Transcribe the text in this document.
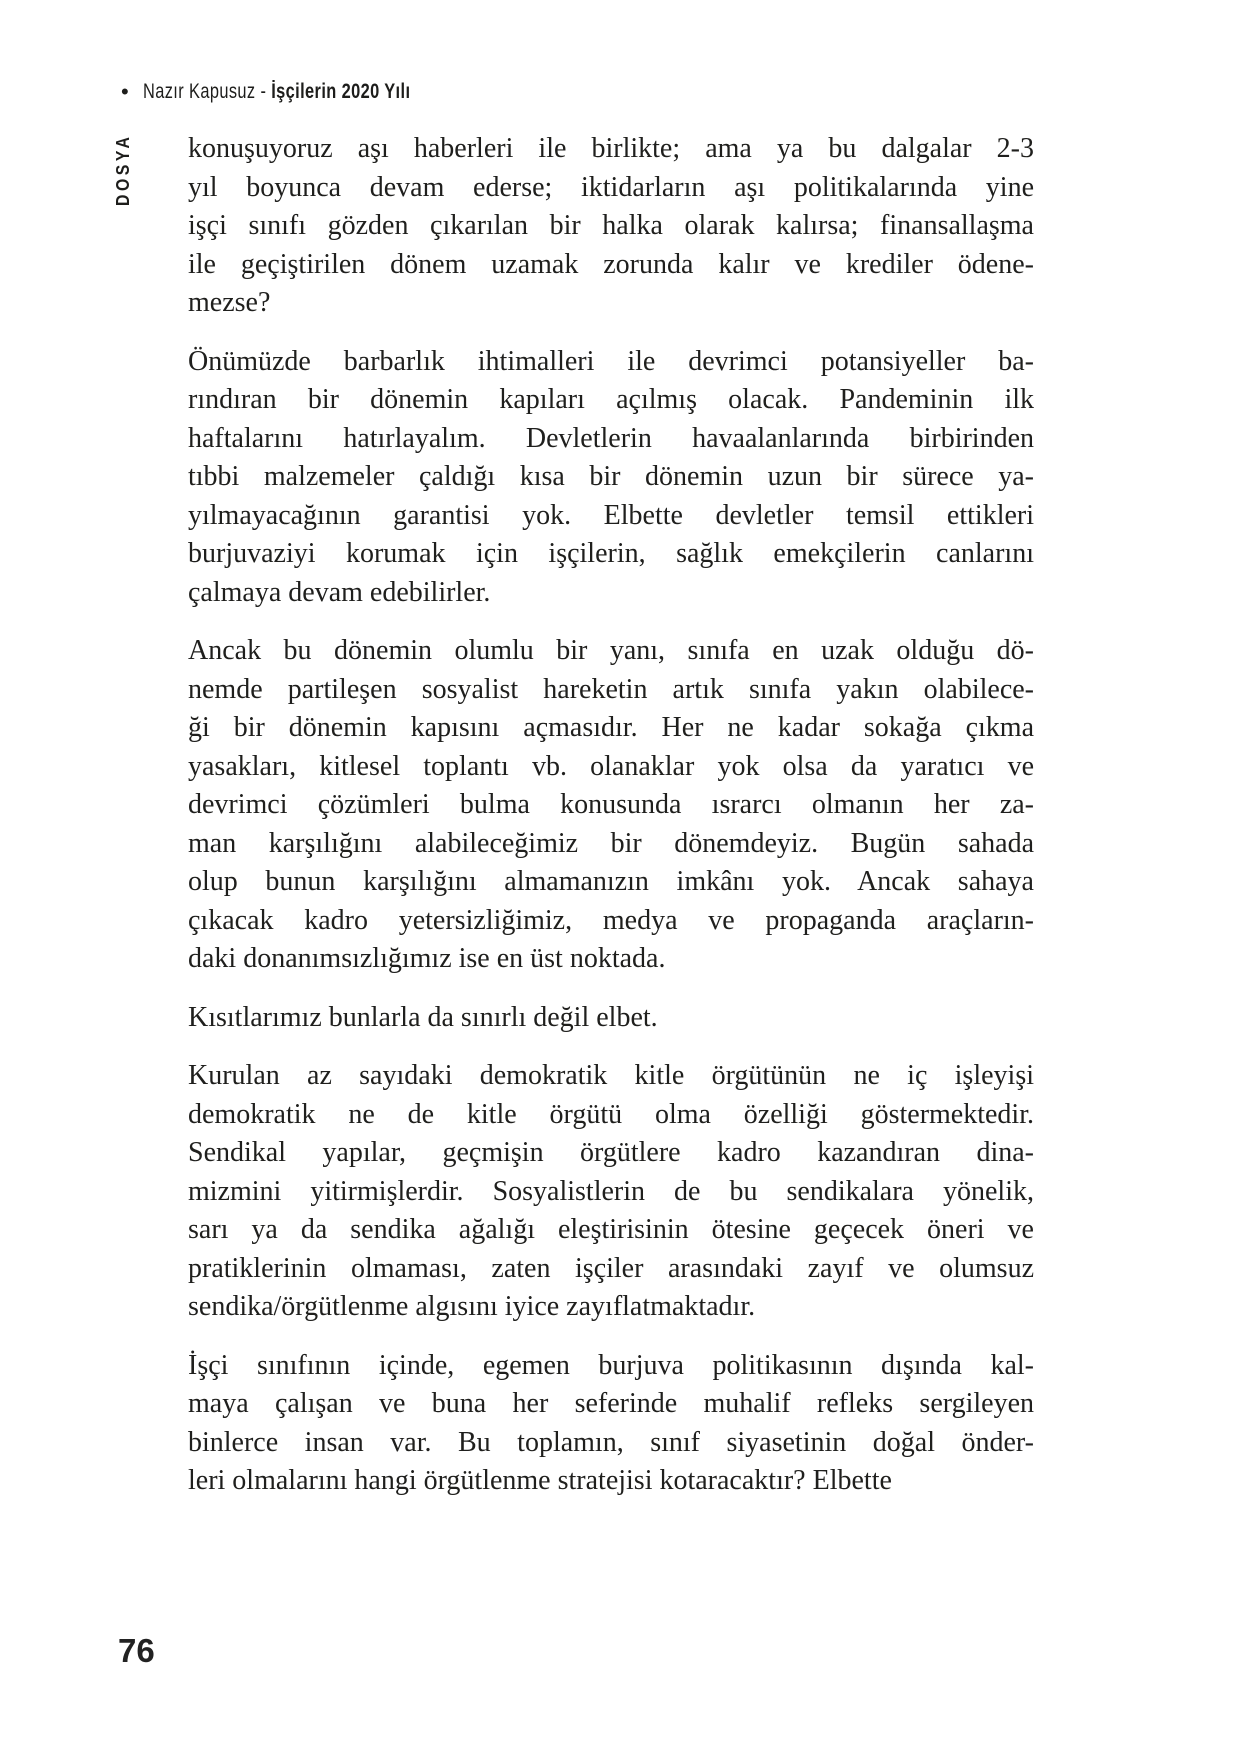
• Nazır Kapusuz - İşçilerin 2020 Yılı
DOSYA konuşuyoruz aşı haberleri ile birlikte; ama ya bu dalgalar 2-3
yıl boyunca devam ederse; iktidarların aşı politikalarında yine
işçi sınıfı gözden çıkarılan bir halka olarak kalırsa; finansallaşma
ile geçiştirilen dönem uzamak zorunda kalır ve krediler ödene-
mezse?
Önümüzde barbarlık ihtimalleri ile devrimci potansiyeller ba-
rındıran bir dönemin kapıları açılmış olacak. Pandeminin ilk
haftalarını hatırlayalım. Devletlerin havaalanlarında birbirinden
tıbbi malzemeler çaldığı kısa bir dönemin uzun bir sürece ya-
yılmayacağının garantisi yok. Elbette devletler temsil ettikleri
burjuvaziyi korumak için işçilerin, sağlık emekçilerin canlarını
çalmaya devam edebilirler.
Ancak bu dönemin olumlu bir yanı, sınıfa en uzak olduğu dö-
nemde partileşen sosyalist hareketin artık sınıfa yakın olabilece-
ği bir dönemin kapısını açmasıdır. Her ne kadar sokağa çıkma
yasakları, kitlesel toplantı vb. olanaklar yok olsa da yaratıcı ve
devrimci çözümleri bulma konusunda ısrarcı olmanın her za-
man karşılığını alabileceğimiz bir dönemdeyiz. Bugün sahada
olup bunun karşılığını almamanızın imkânı yok. Ancak sahaya
çıkacak kadro yetersizliğimiz, medya ve propaganda araçların-
daki donanımsızlığımız ise en üst noktada.
Kısıtlarımız bunlarla da sınırlı değil elbet.
Kurulan az sayıdaki demokratik kitle örgütünün ne iç işleyişi
demokratik ne de kitle örgütü olma özelliği göstermektedir.
Sendikal yapılar, geçmişin örgütlere kadro kazandıran dina-
mizmini yitirmişlerdir. Sosyalistlerin de bu sendikalara yönelik,
sarı ya da sendika ağalığı eleştirisinin ötesine geçecek öneri ve
pratiklerinin olmaması, zaten işçiler arasındaki zayıf ve olumsuz
sendika/örgütlenme algısını iyice zayıflatmaktadır.
İşçi sınıfının içinde, egemen burjuva politikasının dışında kal-
maya çalışan ve buna her seferinde muhalif refleks sergileyen
binlerce insan var. Bu toplamın, sınıf siyasetinin doğal önder-
leri olmalarını hangi örgütlenme stratejisi kotaracaktır? Elbette
76
